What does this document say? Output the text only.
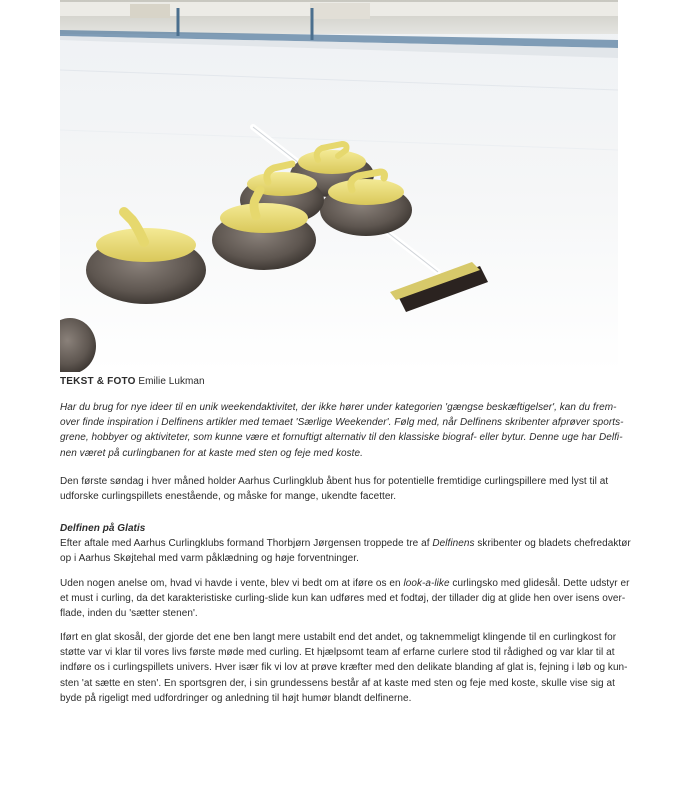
TEKST & FOTO Emilie Lukman
Har du brug for nye ideer til en unik weekendaktivitet, der ikke hører under kategorien 'gængse beskæftigelser', kan du frem-
over finde inspiration i Delfinens artikler med temaet 'Særlige Weekender'. Følg med, når Delfinens skribenter afprøver sports-
grene, hobbyer og aktiviteter, som kunne være et fornuftigt alternativ til den klassiske biograf- eller bytur. Denne uge har Delfi-
nen været på curlingbanen for at kaste med sten og feje med koste.
Den første søndag i hver måned holder Aarhus Curlingklub åbent hus for potentielle fremtidige curlingspillere med lyst til at
udforske curlingspillets enestående, og måske for mange, ukendte facetter.
Delfinen på Glatis
Efter aftale med Aarhus Curlingklubs formand Thorbjørn Jørgensen troppede tre af Delfinens skribenter og bladets chefredaktør
op i Aarhus Skøjtehal med varm påklædning og høje forventninger.
Uden nogen anelse om, hvad vi havde i vente, blev vi bedt om at iføre os en look-a-like curlingsko med glidesål. Dette udstyr er
et must i curling, da det karakteristiske curling-slide kun kan udføres med et fodtøj, der tillader dig at glide hen over isens over-
flade, inden du 'sætter stenen'.
Iført en glat skosål, der gjorde det ene ben langt mere ustabilt end det andet, og taknemmeligt klingende til en curlingkost for
støtte var vi klar til vores livs første møde med curling. Et hjælpsomt team af erfarne curlere stod til rådighed og var klar til at
indføre os i curlingspillets univers. Hver især fik vi lov at prøve kræfter med den delikate blanding af glat is, fejning i løb og kun-
sten 'at sætte en sten'. En sportsgren der, i sin grundessens består af at kaste med sten og feje med koste, skulle vise sig at
byde på rigeligt med udfordringer og anledning til højt humør blandt delfinerne.
